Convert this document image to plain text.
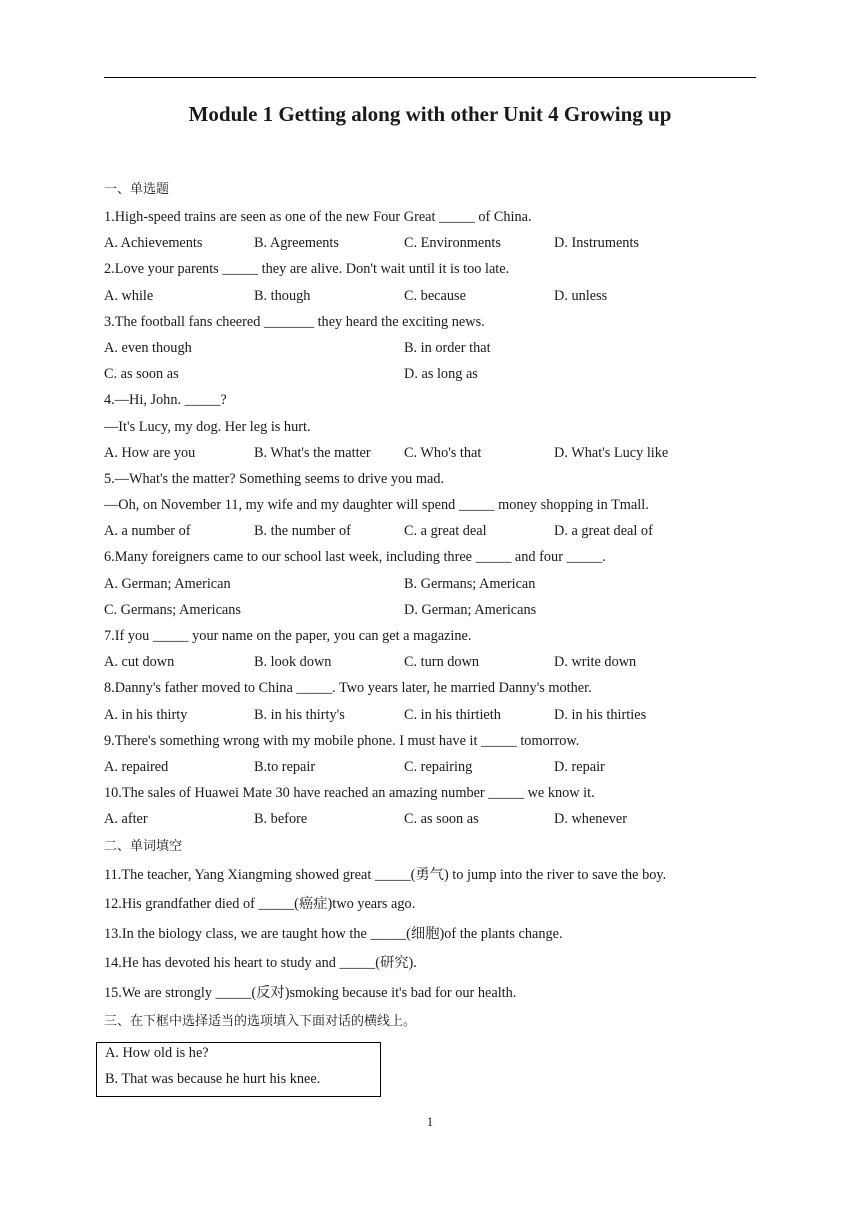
Module 1 Getting along with other Unit 4 Growing up
一、单选题
1.High-speed trains are seen as one of the new Four Great _____ of China.
A. Achievements	B. Agreements	C. Environments	D. Instruments
2.Love your parents _____ they are alive. Don't wait until it is too late.
A. while	B. though	C. because	D. unless
3.The football fans cheered _______ they heard the exciting news.
A. even though	B. in order that
C. as soon as	D. as long as
4.—Hi, John. _____?
—It's Lucy, my dog. Her leg is hurt.
A. How are you	B. What's the matter C. Who's that	D. What's Lucy like
5.—What's the matter? Something seems to drive you mad.
—Oh, on November 11, my wife and my daughter will spend _____ money shopping in Tmall.
A. a number of	B. the number of	C. a great deal	D. a great deal of
6.Many foreigners came to our school last week, including three _____ and four _____.
A. German; American	B. Germans; American
C. Germans; Americans	D. German; Americans
7.If you _____ your name on the paper, you can get a magazine.
A. cut down	B. look down	C. turn down	D. write down
8.Danny's father moved to China _____. Two years later, he married Danny's mother.
A. in his thirty	B. in his thirty's	C. in his thirtieth	D. in his thirties
9.There's something wrong with my mobile phone. I must have it _____ tomorrow.
A. repaired	B.to repair	C. repairing	D. repair
10.The sales of Huawei Mate 30 have reached an amazing number _____ we know it.
A. after	B. before	C. as soon as	D. whenever
二、单词填空
11.The teacher, Yang Xiangming showed great _____(勇气) to jump into the river to save the boy.
12.His grandfather died of _____(癌症)two years ago.
13.In the biology class, we are taught how the _____(细胞)of the plants change.
14.He has devoted his heart to study and _____(研究).
15.We are strongly _____(反对)smoking because it's bad for our health.
三、在下框中选择适当的选项填入下面对话的横线上。
A. How old is he?
B. That was because he hurt his knee.
1
